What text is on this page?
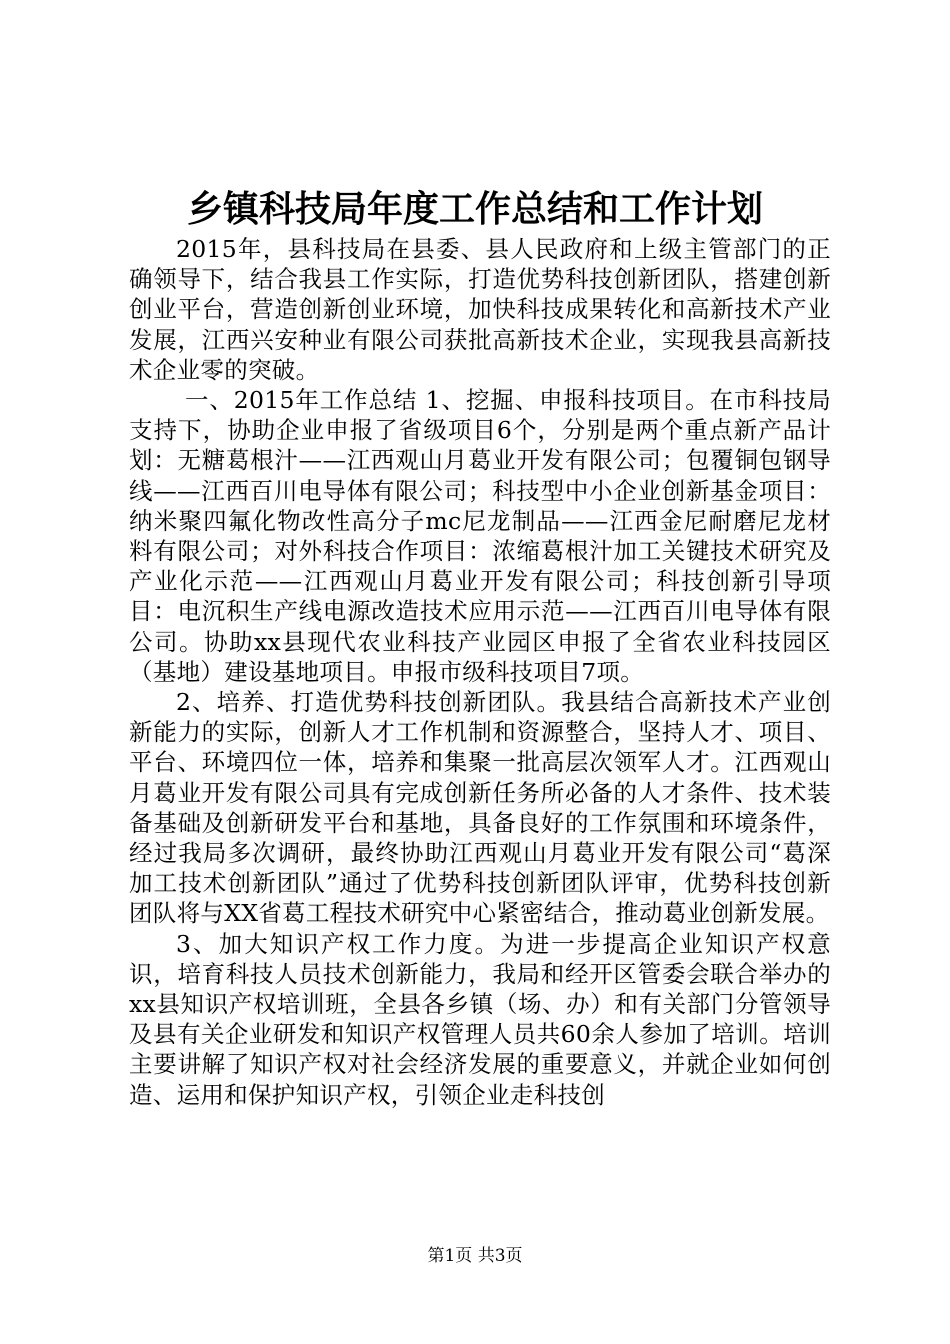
乡镇科技局年度工作总结和工作计划

2015年，县科技局在县委、县人民政府和上级主管部门的正确领导下，结合我县工作实际，打造优势科技创新团队，搭建创新创业平台，营造创新创业环境，加快科技成果转化和高新技术产业发展，江西兴安种业有限公司获批高新技术企业，实现我县高新技术企业零的突破。

一、2015年工作总结 1、挖掘、申报科技项目。在市科技局支持下，协助企业申报了省级项目6个，分别是两个重点新产品计划：无糖葛根汁——江西观山月葛业开发有限公司；包覆铜包钢导线——江西百川电导体有限公司；科技型中小企业创新基金项目：纳米聚四氟化物改性高分子mc尼龙制品——江西金尼耐磨尼龙材料有限公司；对外科技合作项目：浓缩葛根汁加工关键技术研究及产业化示范——江西观山月葛业开发有限公司；科技创新引导项目：电沉积生产线电源改造技术应用示范——江西百川电导体有限公司。协助xx县现代农业科技产业园区申报了全省农业科技园区（基地）建设基地项目。申报市级科技项目7项。

2、培养、打造优势科技创新团队。我县结合高新技术产业创新能力的实际，创新人才工作机制和资源整合，坚持人才、项目、平台、环境四位一体，培养和集聚一批高层次领军人才。江西观山月葛业开发有限公司具有完成创新任务所必备的人才条件、技术装备基础及创新研发平台和基地，具备良好的工作氛围和环境条件，经过我局多次调研，最终协助江西观山月葛业开发有限公司“葛深加工技术创新团队”通过了优势科技创新团队评审，优势科技创新团队将与XX省葛工程技术研究中心紧密结合，推动葛业创新发展。

3、加大知识产权工作力度。为进一步提高企业知识产权意识，培育科技人员技术创新能力，我局和经开区管委会联合举办的xx县知识产权培训班，全县各乡镇（场、办）和有关部门分管领导及县有关企业研发和知识产权管理人员共60余人参加了培训。培训主要讲解了知识产权对社会经济发展的重要意义，并就企业如何创造、运用和保护知识产权，引领企业走科技创

第1页 共3页
